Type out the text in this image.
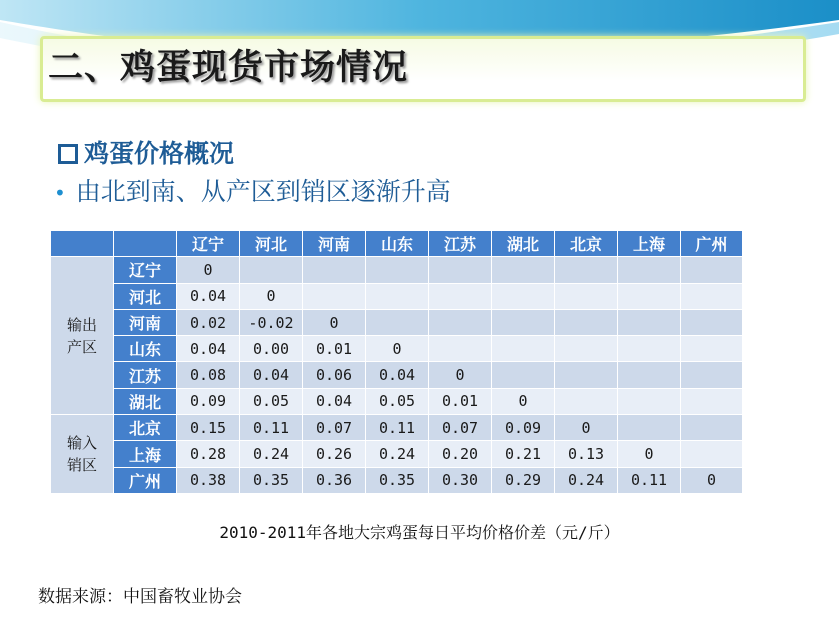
二、鸡蛋现货市场情况
鸡蛋价格概况
• 由北到南、从产区到销区逐渐升高
		辽宁	河北	河南	山东	江苏	湖北	北京	上海	广州
输出
产区	辽宁	0								
	河北	0.04	0							
	河南	0.02	-0.02	0						
	山东	0.04	0.00	0.01	0					
	江苏	0.08	0.04	0.06	0.04	0				
	湖北	0.09	0.05	0.04	0.05	0.01	0			
输入
销区	北京	0.15	0.11	0.07	0.11	0.07	0.09	0		
	上海	0.28	0.24	0.26	0.24	0.20	0.21	0.13	0	
	广州	0.38	0.35	0.36	0.35	0.30	0.29	0.24	0.11	0
2010-2011年各地大宗鸡蛋每日平均价格价差（元/斤）
数据来源：中国畜牧业协会
